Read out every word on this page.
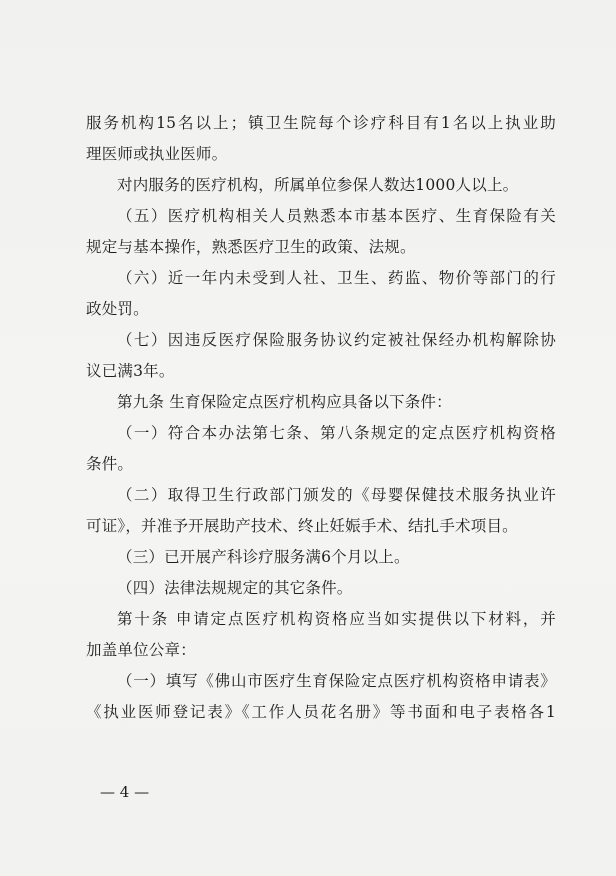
服务机构15名以上；镇卫生院每个诊疗科目有1名以上执业助
理医师或执业医师。
对内服务的医疗机构，所属单位参保人数达1000人以上。
（五）医疗机构相关人员熟悉本市基本医疗、生育保险有关
规定与基本操作，熟悉医疗卫生的政策、法规。
（六）近一年内未受到人社、卫生、药监、物价等部门的行
政处罚。
（七）因违反医疗保险服务协议约定被社保经办机构解除协
议已满3年。
第九条 生育保险定点医疗机构应具备以下条件：
（一）符合本办法第七条、第八条规定的定点医疗机构资格
条件。
（二）取得卫生行政部门颁发的《母婴保健技术服务执业许
可证》，并准予开展助产技术、终止妊娠手术、结扎手术项目。
（三）已开展产科诊疗服务满6个月以上。
（四）法律法规规定的其它条件。
第十条 申请定点医疗机构资格应当如实提供以下材料，并
加盖单位公章：
（一）填写《佛山市医疗生育保险定点医疗机构资格申请表》
《执业医师登记表》《工作人员花名册》等书面和电子表格各1
— 4 —
